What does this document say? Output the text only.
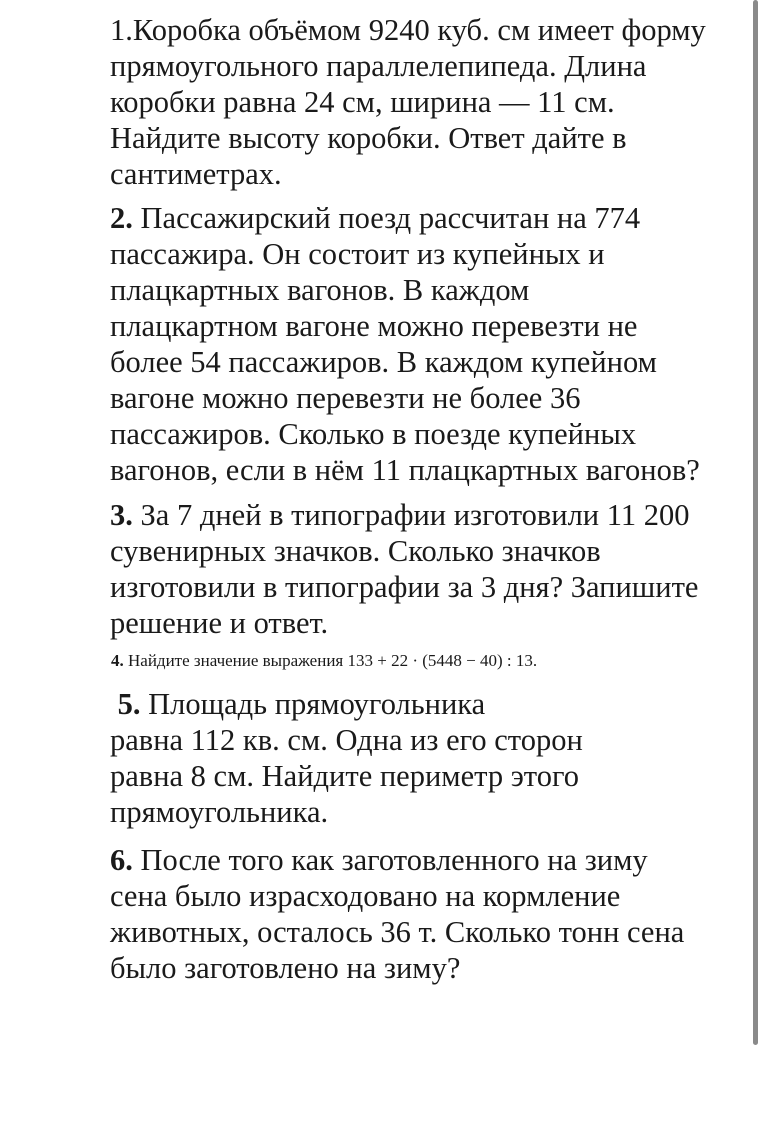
1.Коробка объёмом 9240 куб. см имеет форму
прямоугольного параллелепипеда. Длина
коробки равна 24 см, ширина — 11 см.
Найдите высоту коробки. Ответ дайте в
сантиметрах.
2. Пассажирский поезд рассчитан на 774
пассажира. Он состоит из купейных и
плацкартных вагонов. В каждом
плацкартном вагоне можно перевезти не
более 54 пассажиров. В каждом купейном
вагоне можно перевезти не более 36
пассажиров. Сколько в поезде купейных
вагонов, если в нём 11 плацкартных вагонов?
3. За 7 дней в типографии изготовили 11 200
сувенирных значков. Сколько значков
изготовили в типографии за 3 дня? Запишите
решение и ответ.
4. Найдите значение выражения 133 + 22 · (5448 − 40) : 13.
5. Площадь прямоугольника
равна 112 кв. см. Одна из его сторон
равна 8 см. Найдите периметр этого
прямоугольника.
6. После того как заготовленного на зиму
сена было израсходовано на кормление
животных, осталось 36 т. Сколько тонн сена
было заготовлено на зиму?
